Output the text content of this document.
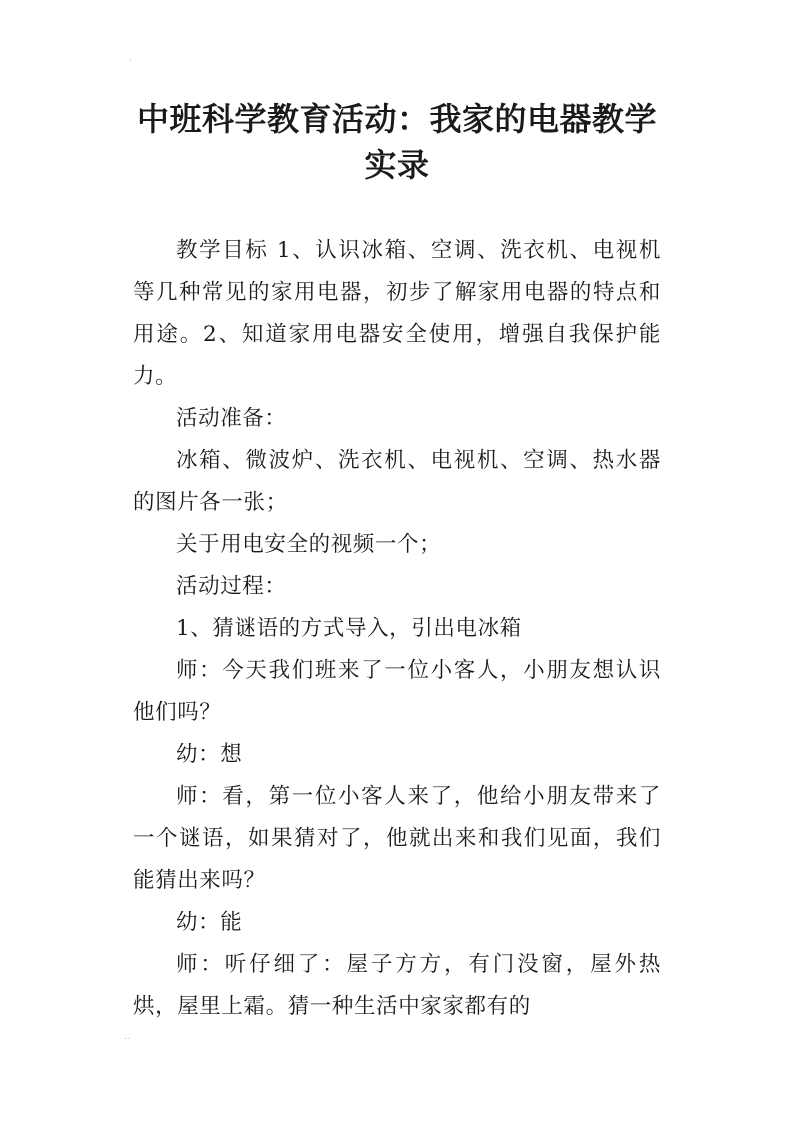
˙
中班科学教育活动：我家的电器教学
实录

教学目标 1、认识冰箱、空调、洗衣机、电视机等几种常见的家用电器，初步了解家用电器的特点和用途。2、知道家用电器安全使用，增强自我保护能力。

活动准备：

冰箱、微波炉、洗衣机、电视机、空调、热水器的图片各一张；

关于用电安全的视频一个；

活动过程：

1、猜谜语的方式导入，引出电冰箱

师：今天我们班来了一位小客人，小朋友想认识他们吗？

幼：想

师：看，第一位小客人来了，他给小朋友带来了一个谜语，如果猜对了，他就出来和我们见面，我们能猜出来吗？

幼：能

师：听仔细了：屋子方方，有门没窗，屋外热烘，屋里上霜。猜一种生活中家家都有的

‥
